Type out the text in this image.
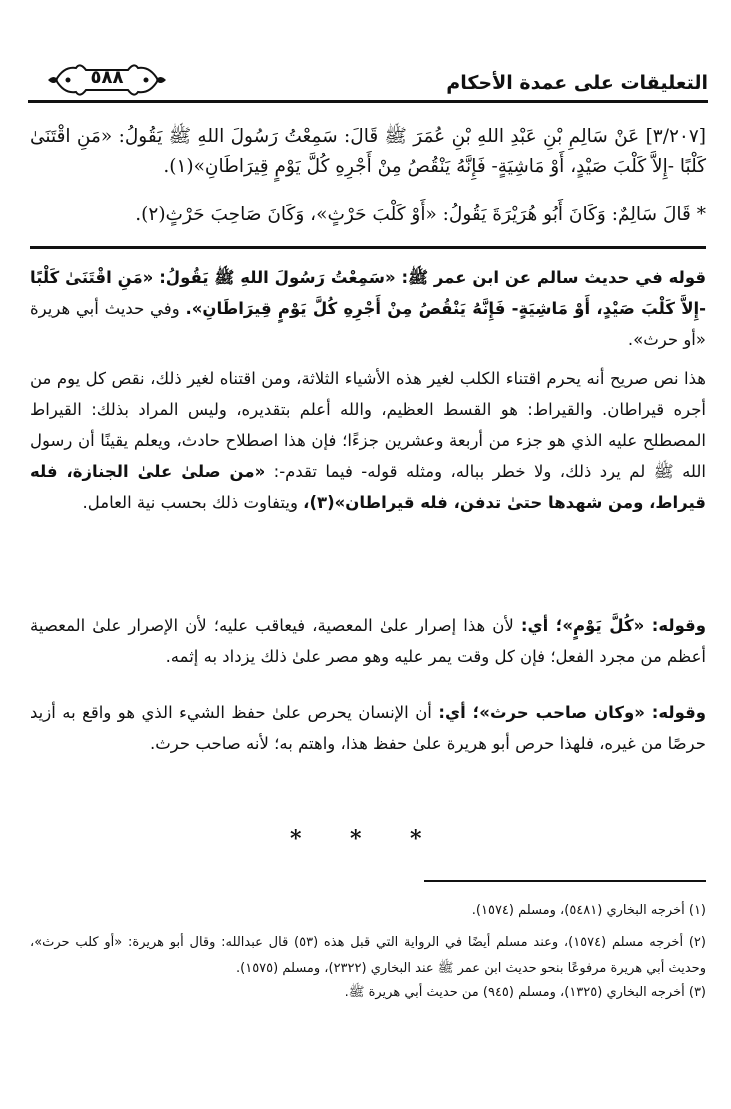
التعليقات على عمدة الأحكام
٥٨٨
[٣/٢٠٧] عَنْ سَالِمِ بْنِ عَبْدِ اللهِ بْنِ عُمَرَ ﷺ قَالَ: سَمِعْتُ رَسُولَ اللهِ ﷺ يَقُولُ: «مَنِ اقْتَنَىٰ كَلْبًا -إِلاَّ كَلْبَ صَيْدٍ، أَوْ مَاشِيَةٍ- فَإِنَّهُ يَنْقُصُ مِنْ أَجْرِهِ كُلَّ يَوْمٍ قِيرَاطَانِ»(١).
* قَالَ سَالِمٌ: وَكَانَ أَبُو هُرَيْرَةَ يَقُولُ: «أَوْ كَلْبَ حَرْثٍ»، وَكَانَ صَاحِبَ حَرْثٍ(٢).
قوله في حديث سالم عن ابن عمر ﷺ: «سَمِعْتُ رَسُولَ اللهِ ﷺ يَقُولُ: «مَنِ اقْتَنَىٰ كَلْبًا -إِلاَّ كَلْبَ صَيْدٍ، أَوْ مَاشِيَةٍ- فَإِنَّهُ يَنْقُصُ مِنْ أَجْرِهِ كُلَّ يَوْمٍ قِيرَاطَانِ». وفي حديث أبي هريرة «أو حرث».
هذا نص صريح أنه يحرم اقتناء الكلب لغير هذه الأشياء الثلاثة، ومن اقتناه لغير ذلك، نقص كل يوم من أجره قيراطان. والقيراط: هو القسط العظيم، والله أعلم بتقديره، وليس المراد بذلك: القيراط المصطلح عليه الذي هو جزء من أربعة وعشرين جزءًا؛ فإن هذا اصطلاح حادث، ويعلم يقينًا أن رسول الله ﷺ لم يرد ذلك، ولا خطر بباله، ومثله قوله- فيما تقدم-: «من صلىٰ علىٰ الجنازة، فله قيراط، ومن شهدها حتىٰ تدفن، فله قيراطان»(٣)، ويتفاوت ذلك بحسب نية العامل.
وقوله: «كُلَّ يَوْمٍ»؛ أي: لأن هذا إصرار علىٰ المعصية، فيعاقب عليه؛ لأن الإصرار علىٰ المعصية أعظم من مجرد الفعل؛ فإن كل وقت يمر عليه وهو مصر علىٰ ذلك يزداد به إثمه.
وقوله: «وكان صاحب حرث»؛ أي: أن الإنسان يحرص علىٰ حفظ الشيء الذي هو واقع به أزيد حرصًا من غيره، فلهذا حرص أبو هريرة علىٰ حفظ هذا، واهتم به؛ لأنه صاحب حرث.
* * *
(١) أخرجه البخاري (٥٤٨١)، ومسلم (١٥٧٤).
(٢) أخرجه مسلم (١٥٧٤)، وعند مسلم أيضًا في الرواية التي قبل هذه (٥٣) قال عبدالله: وقال أبو هريرة: «أو كلب حرث»، وحديث أبي هريرة مرفوعًا بنحو حديث ابن عمر ﷺ عند البخاري (٢٣٢٢)، ومسلم (١٥٧٥).
(٣) أخرجه البخاري (١٣٢٥)، ومسلم (٩٤٥) من حديث أبي هريرة ﷺ.
